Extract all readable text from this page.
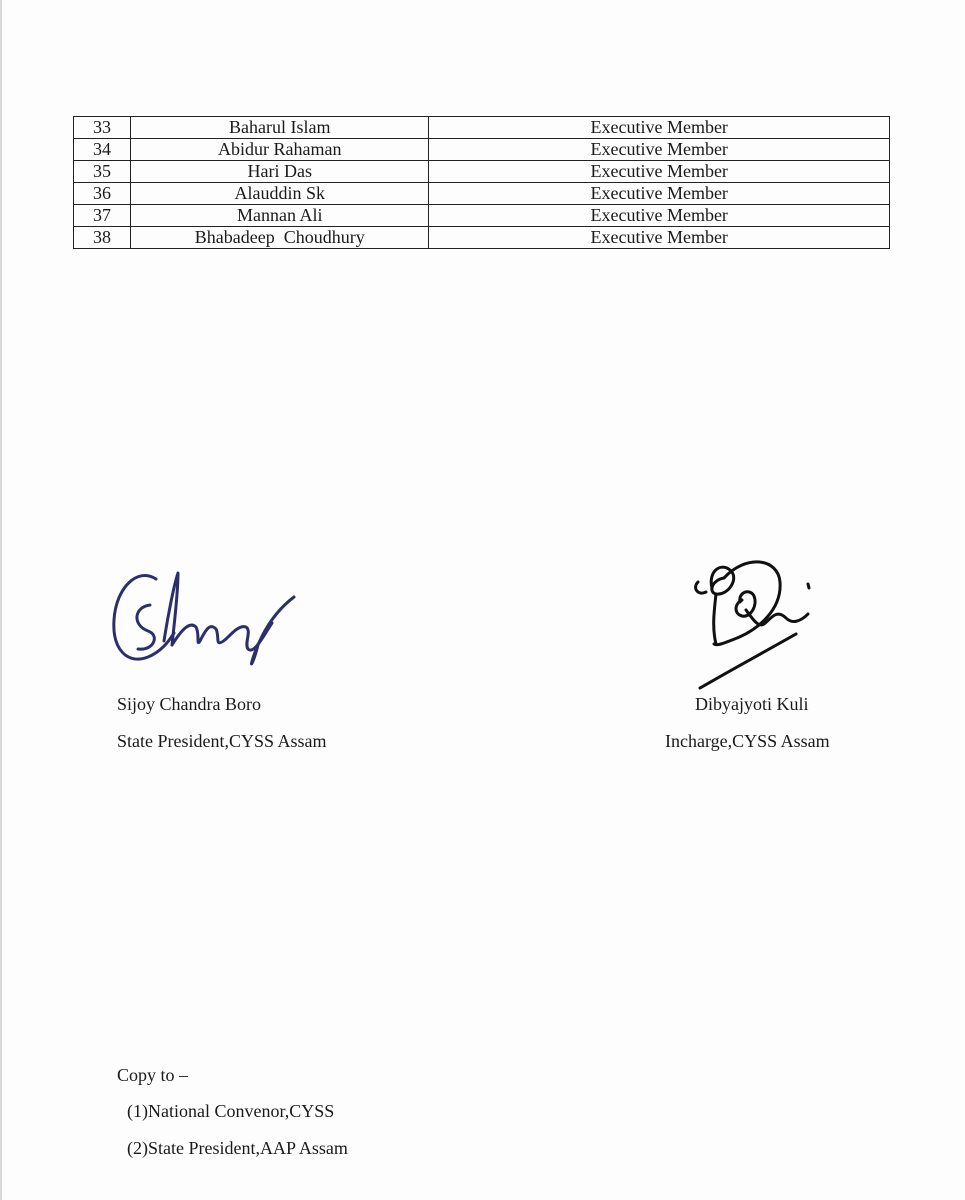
33	Baharul Islam	Executive Member
34	Abidur Rahaman	Executive Member
35	Hari Das	Executive Member
36	Alauddin Sk	Executive Member
37	Mannan Ali	Executive Member
38	Bhabadeep  Choudhury	Executive Member
Sijoy Chandra Boro
State President,CYSS Assam
Dibyajyoti Kuli
Incharge,CYSS Assam
Copy to –
(1)National Convenor,CYSS
(2)State President,AAP Assam
